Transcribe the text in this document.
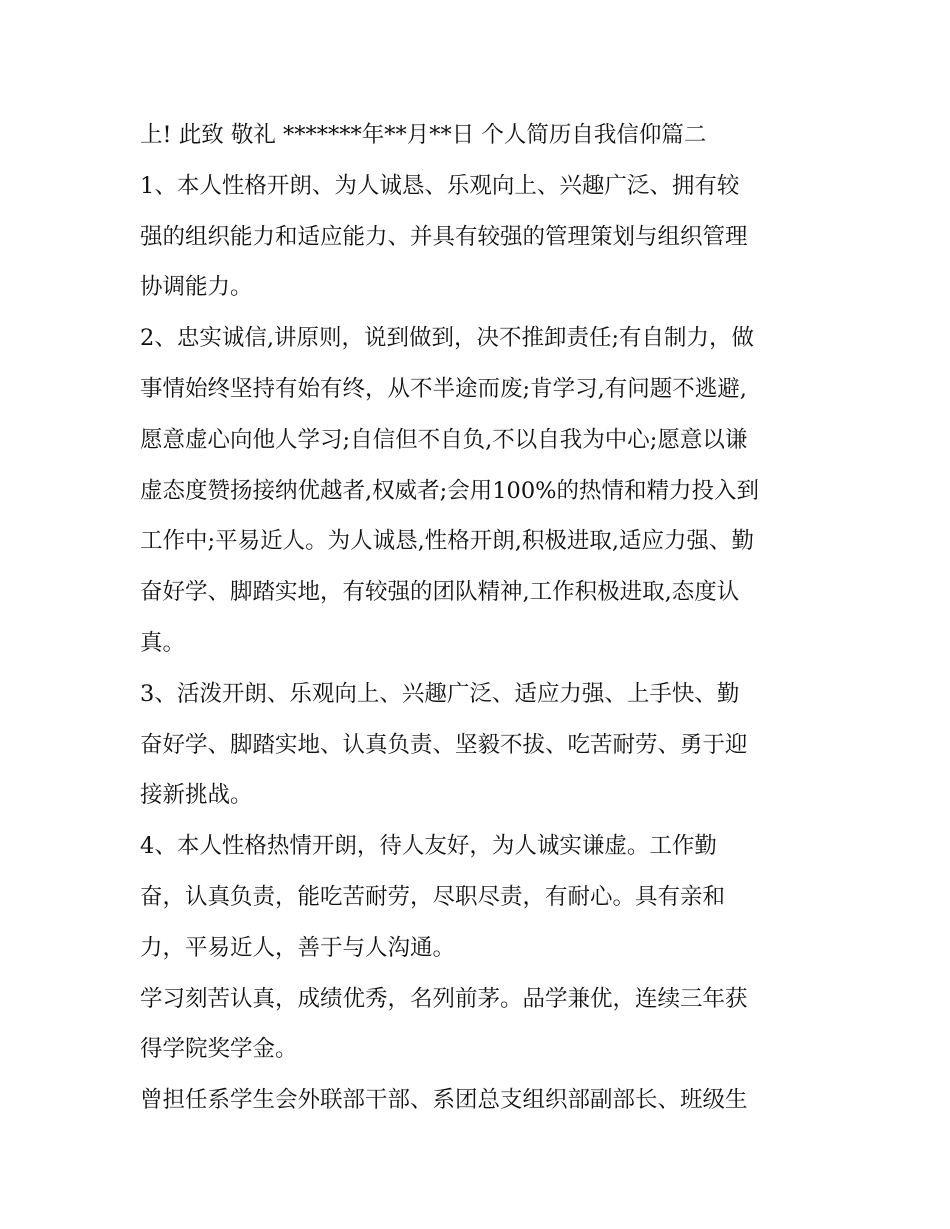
上! 此致 敬礼 *******年**月**日 个人简历自我信仰篇二
1、本人性格开朗、为人诚恳、乐观向上、兴趣广泛、拥有较
强的组织能力和适应能力、并具有较强的管理策划与组织管理
协调能力。
2、忠实诚信,讲原则，说到做到，决不推卸责任;有自制力，做
事情始终坚持有始有终，从不半途而废;肯学习,有问题不逃避,
愿意虚心向他人学习;自信但不自负,不以自我为中心;愿意以谦
虚态度赞扬接纳优越者,权威者;会用100%的热情和精力投入到
工作中;平易近人。为人诚恳,性格开朗,积极进取,适应力强、勤
奋好学、脚踏实地，有较强的团队精神,工作积极进取,态度认
真。
3、活泼开朗、乐观向上、兴趣广泛、适应力强、上手快、勤
奋好学、脚踏实地、认真负责、坚毅不拔、吃苦耐劳、勇于迎
接新挑战。
4、本人性格热情开朗，待人友好，为人诚实谦虚。工作勤
奋，认真负责，能吃苦耐劳，尽职尽责，有耐心。具有亲和
力，平易近人，善于与人沟通。
学习刻苦认真，成绩优秀，名列前茅。品学兼优，连续三年获
得学院奖学金。
曾担任系学生会外联部干部、系团总支组织部副部长、班级生
